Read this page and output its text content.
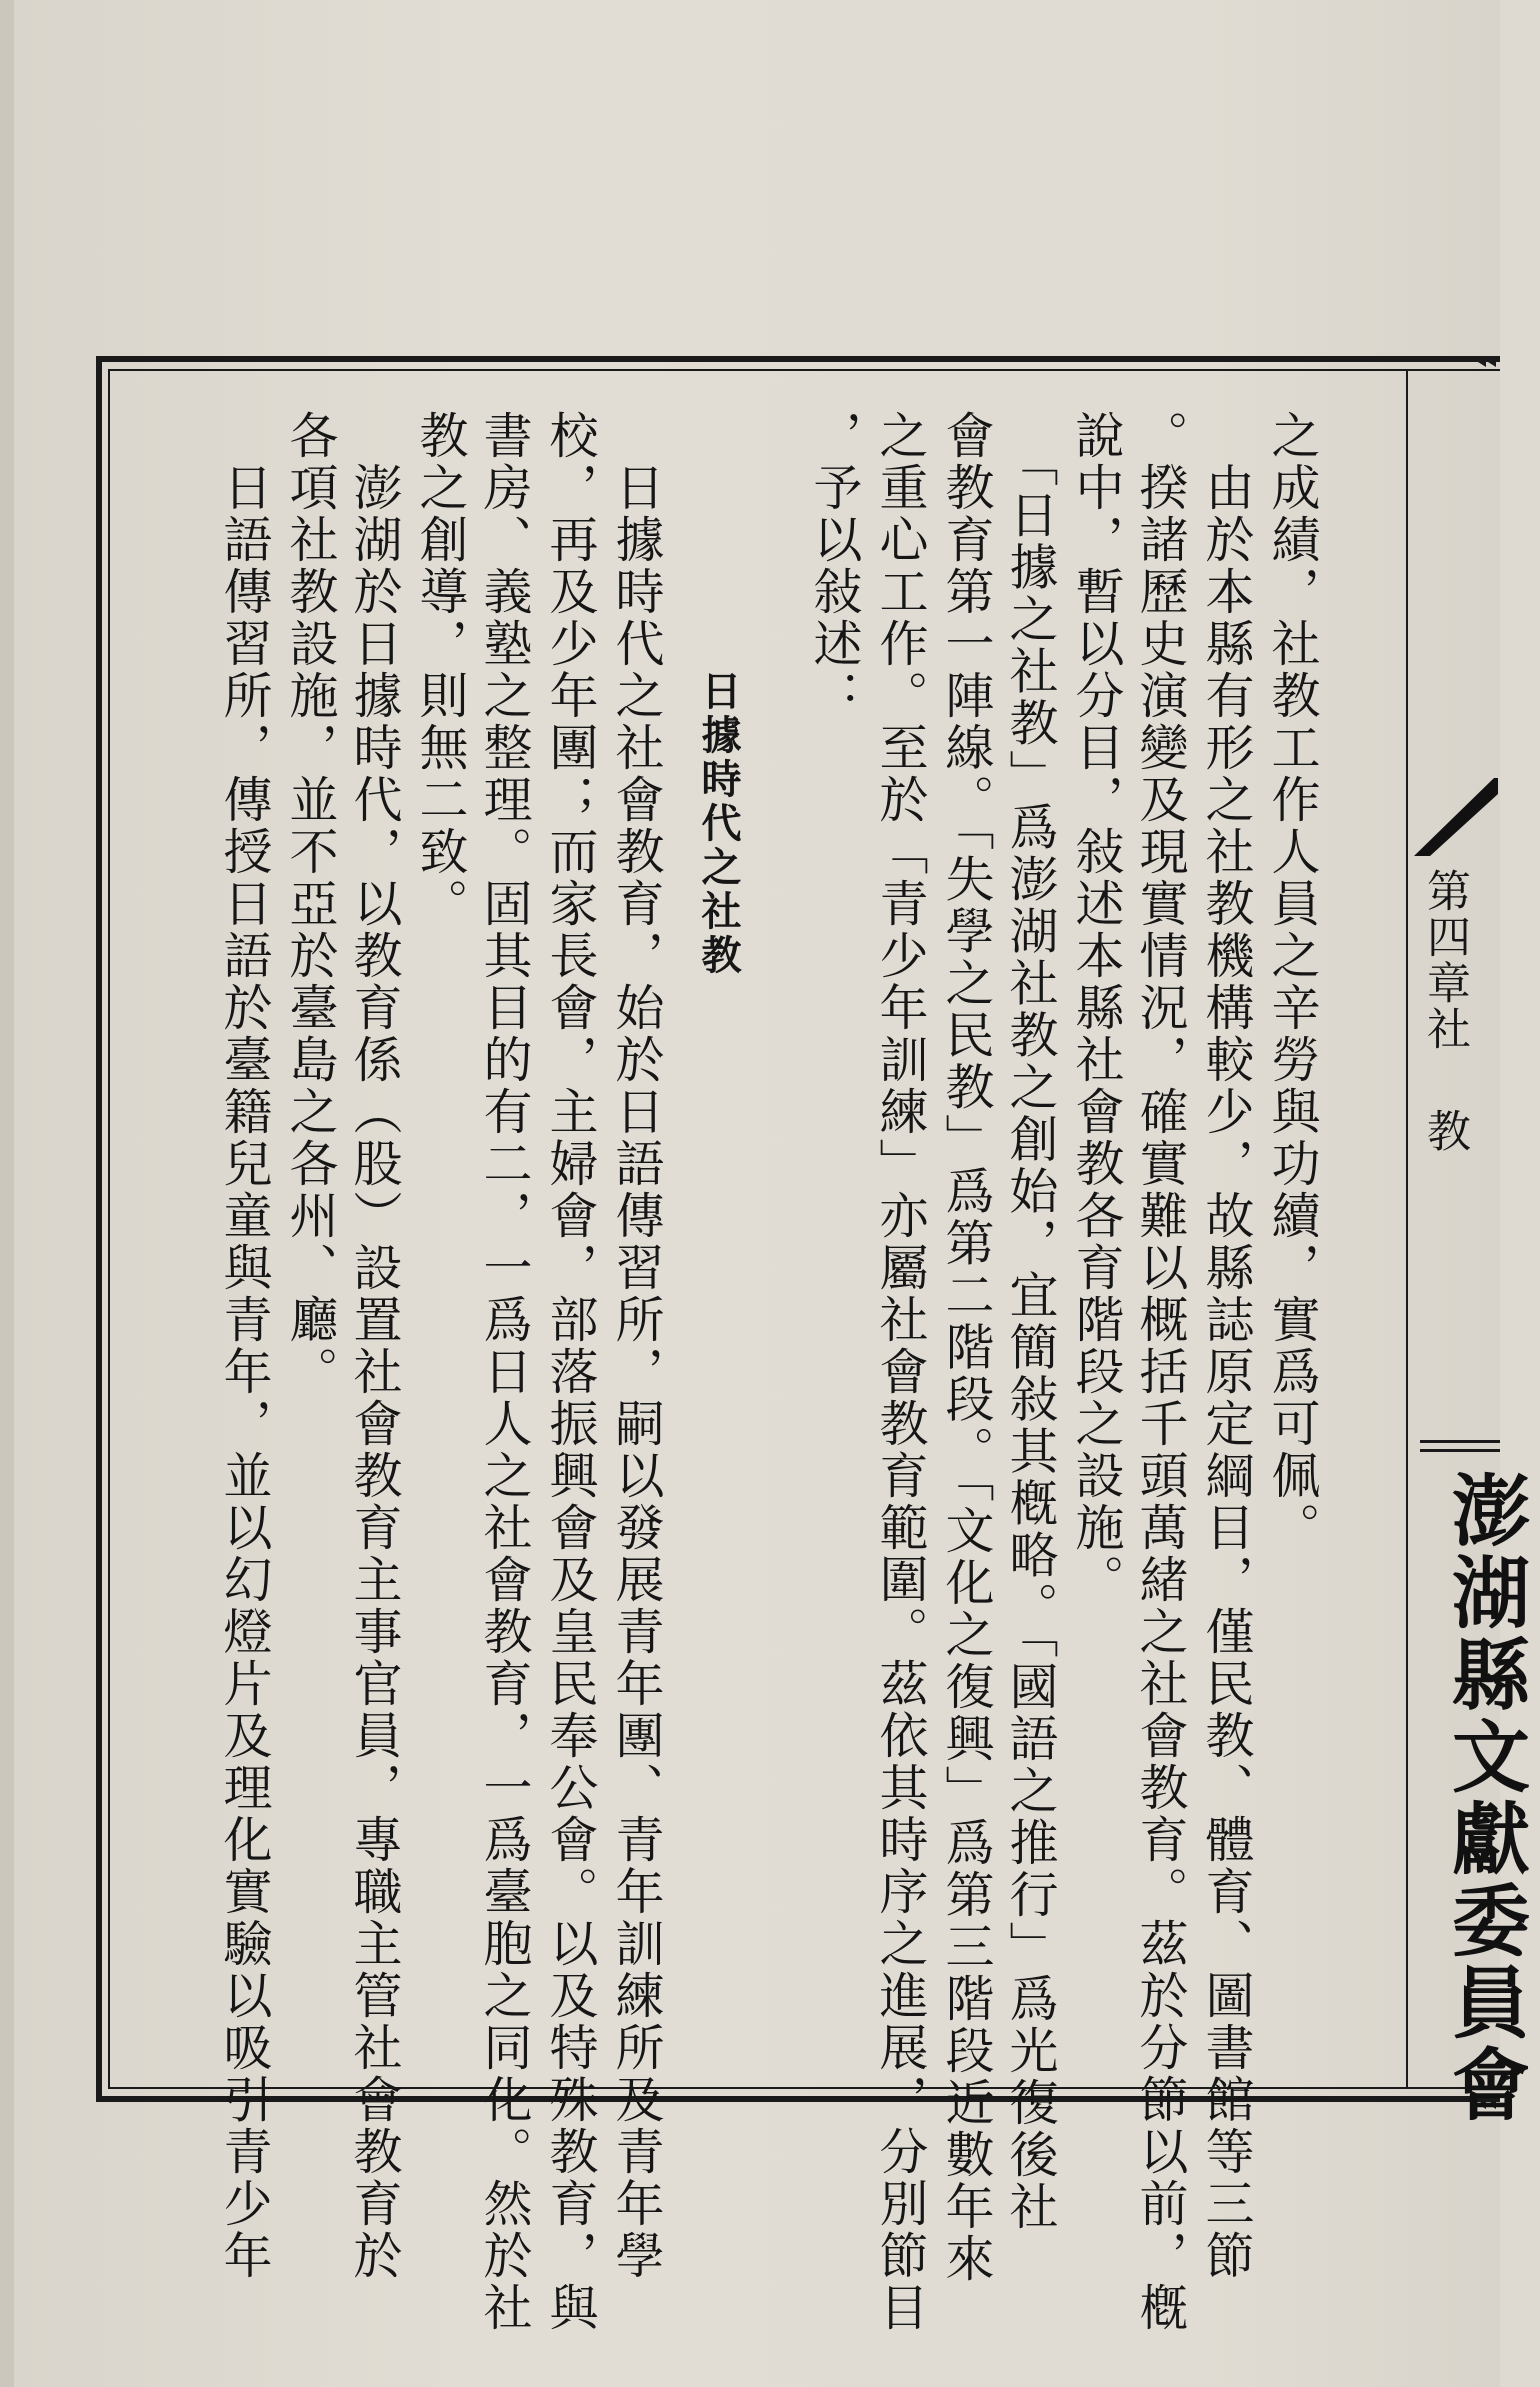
之成績，社教工作人員之辛勞與功續，實爲可佩。
　由於本縣有形之社教機構較少，故縣誌原定綱目，僅民教、體育、圖書館等三節
。揆諸歷史演變及現實情況，確實難以概括千頭萬緒之社會教育。茲於分節以前，槪
說中，暫以分目，敍述本縣社會教各育階段之設施。
　「日據之社教」爲澎湖社教之創始，宜簡敍其槪略。「國語之推行」爲光復後社
會教育第一陣線。「失學之民教」爲第二階段。「文化之復興」爲第三階段近數年來
之重心工作。至於「青少年訓練」亦屬社會教育範圍。茲依其時序之進展，分別節目
，予以敍述：
日據時代之社教
　日據時代之社會教育，始於日語傳習所，嗣以發展青年團、青年訓練所及青年學
校，再及少年團；而家長會，主婦會，部落振興會及皇民奉公會。以及特殊教育，與
書房、義塾之整理。固其目的有二，一爲日人之社會教育，一爲臺胞之同化。然於社
教之創導，則無二致。
　澎湖於日據時代，以教育係（股）設置社會教育主事官員，專職主管社會教育於
各項社教設施，並不亞於臺島之各州、廳。
　日語傳習所，傳授日語於臺籍兒童與青年，並以幻燈片及理化實驗以吸引青少年	第四章社教
澎湖縣文獻委員會
